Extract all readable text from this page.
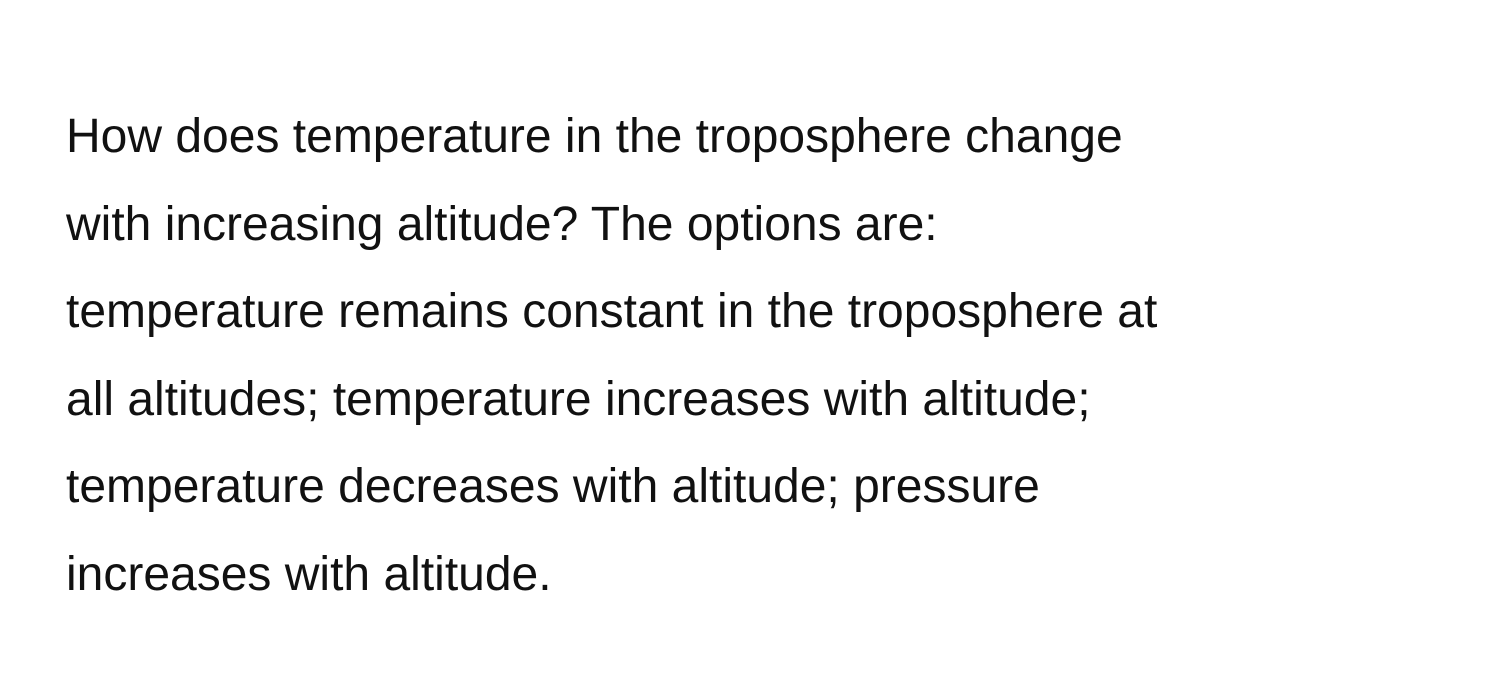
How does temperature in the troposphere change
with increasing altitude? The options are:
temperature remains constant in the troposphere at
all altitudes; temperature increases with altitude;
temperature decreases with altitude; pressure
increases with altitude.
